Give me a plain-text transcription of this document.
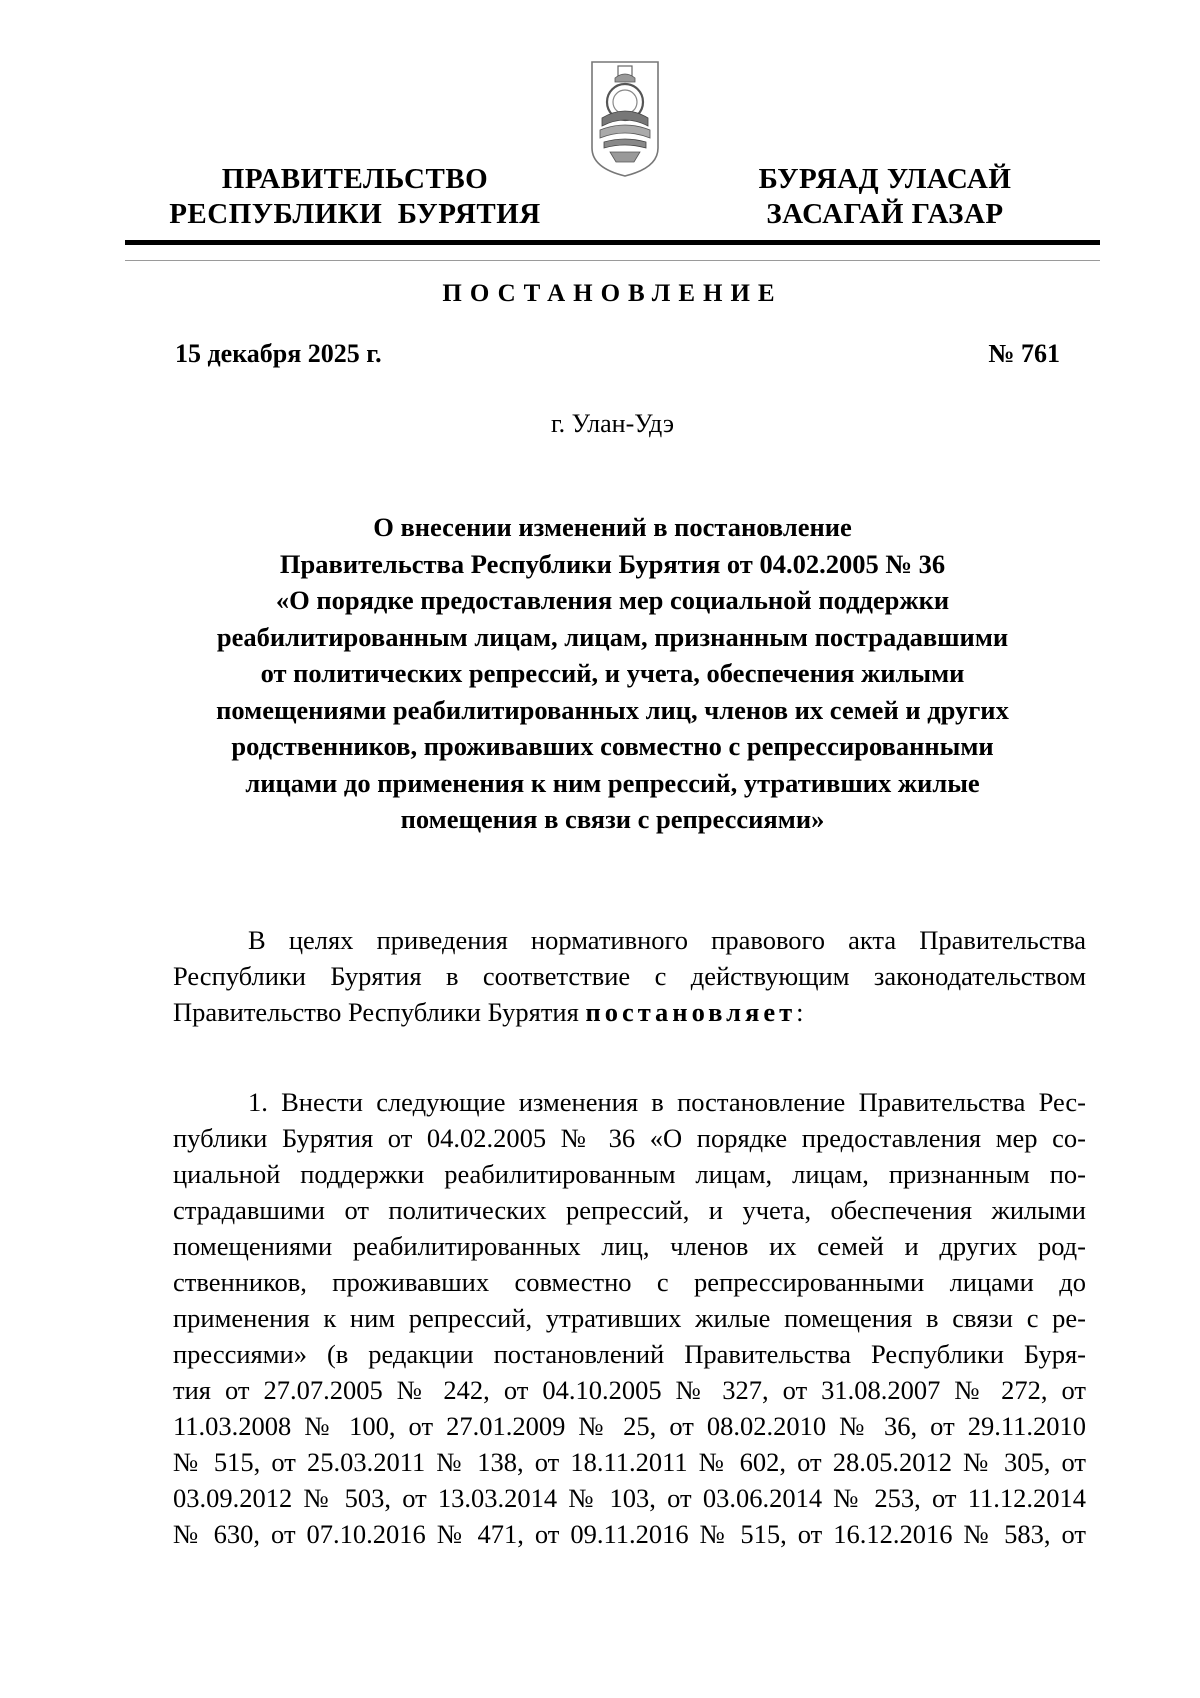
ПРАВИТЕЛЬСТВО
РЕСПУБЛИКИ  БУРЯТИЯ
БУРЯАД УЛАСАЙ
ЗАСАГАЙ ГАЗАР
ПОСТАНОВЛЕНИЕ
15 декабря 2025 г.	№ 761
г. Улан-Удэ
О внесении изменений в постановление
Правительства Республики Бурятия от 04.02.2005 № 36
«О порядке предоставления мер социальной поддержки
реабилитированным лицам, лицам, признанным пострадавшими
от политических репрессий, и учета, обеспечения жилыми
помещениями реабилитированных лиц, членов их семей и других
родственников, проживавших совместно с репрессированными
лицами до применения к ним репрессий, утративших жилые
помещения в связи с репрессиями»
В целях приведения нормативного правового акта Правительства
Республики Бурятия в соответствие с действующим законодательством
Правительство Республики Бурятия постановляет:
1. Внести следующие изменения в постановление Правительства Рес-
публики Бурятия от 04.02.2005 № 36 «О порядке предоставления мер со-
циальной поддержки реабилитированным лицам, лицам, признанным по-
страдавшими от политических репрессий, и учета, обеспечения жилыми
помещениями реабилитированных лиц, членов их семей и других род-
ственников, проживавших совместно с репрессированными лицами до
применения к ним репрессий, утративших жилые помещения в связи с ре-
прессиями» (в редакции постановлений Правительства Республики Буря-
тия от 27.07.2005 № 242, от 04.10.2005 № 327, от 31.08.2007 № 272, от
11.03.2008 № 100, от 27.01.2009 № 25, от 08.02.2010 № 36, от 29.11.2010
№ 515, от 25.03.2011 № 138, от 18.11.2011 № 602, от 28.05.2012 № 305, от
03.09.2012 № 503, от 13.03.2014 № 103, от 03.06.2014 № 253, от 11.12.2014
№ 630, от 07.10.2016 № 471, от 09.11.2016 № 515, от 16.12.2016 № 583, от
